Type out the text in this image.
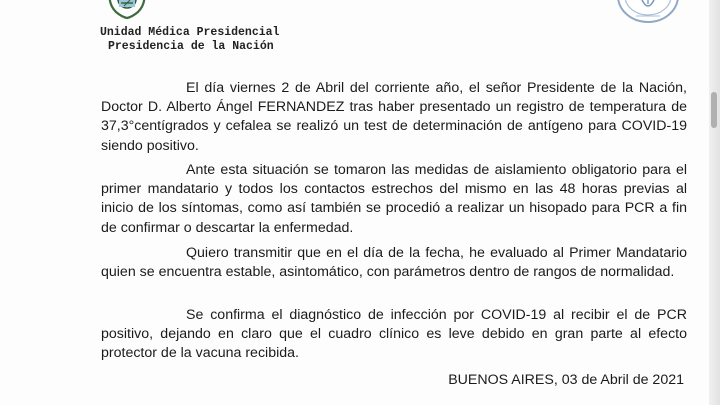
Unidad Médica Presidencial
Presidencia de la Nación
El día viernes 2 de Abril del corriente año, el señor Presidente de la Nación, Doctor D. Alberto Ángel FERNANDEZ tras haber presentado un registro de temperatura de 37,3°centígrados y cefalea se realizó un test de determinación de antígeno para COVID-19 siendo positivo.
Ante esta situación se tomaron las medidas de aislamiento obligatorio para el primer mandatario y todos los contactos estrechos del mismo en las 48 horas previas al inicio de los síntomas, como así también se procedió a realizar un hisopado para PCR a fin de confirmar o descartar la enfermedad.
Quiero transmitir que en el día de la fecha, he evaluado al Primer Mandatario quien se encuentra estable, asintomático, con parámetros dentro de rangos de normalidad.
Se confirma el diagnóstico de infección por COVID-19 al recibir el de PCR positivo, dejando en claro que el cuadro clínico es leve debido en gran parte al efecto protector de la vacuna recibida.
BUENOS AIRES, 03 de Abril de 2021
